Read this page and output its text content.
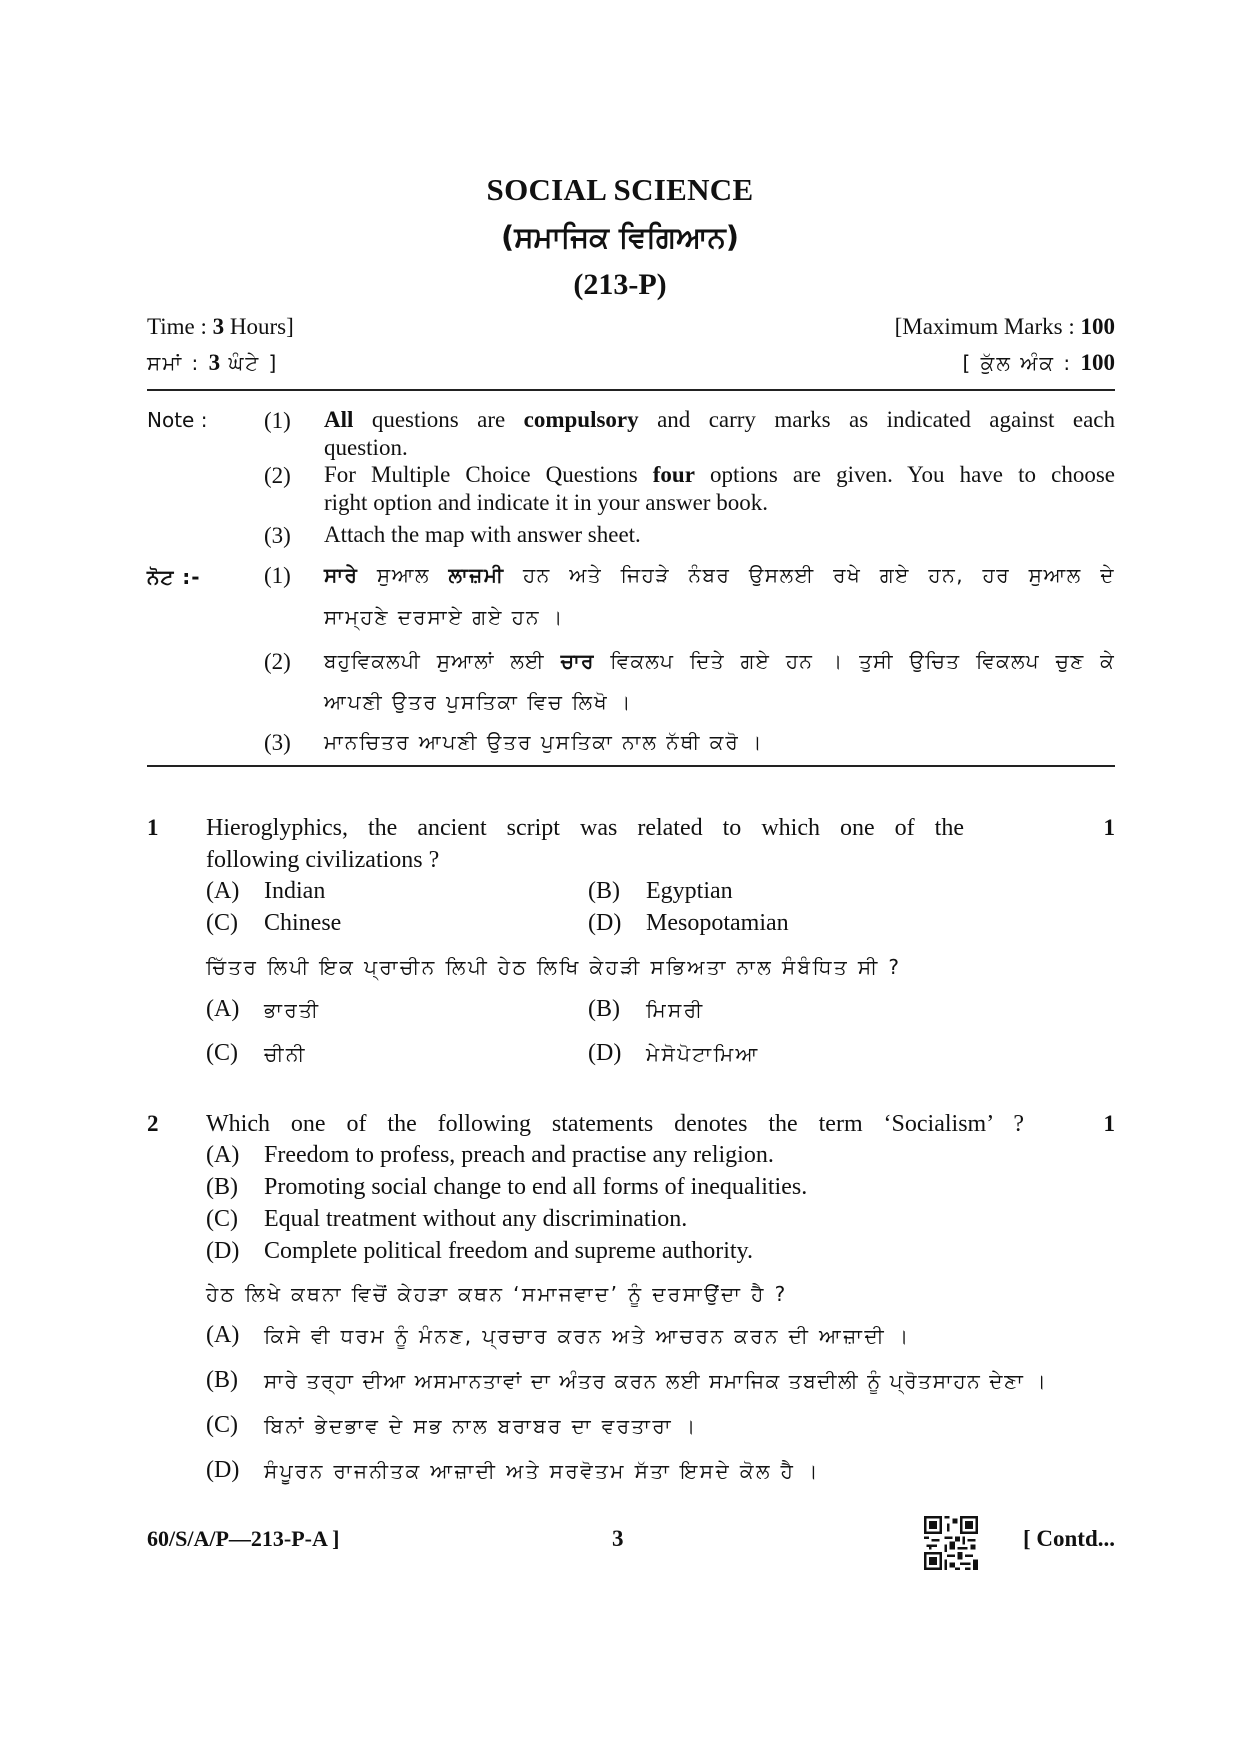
SOCIAL SCIENCE
(ਸਮਾਜਿਕ ਵਿਗਿਆਨ)
(213-P)
Time : 3 Hours]	[Maximum Marks : 100
ਸਮਾਂ : 3 ਘੰਟੇ ]	[ ਕੁੱਲ ਅੰਕ : 100
Note : (1) All questions are compulsory and carry marks as indicated against each
question.
(2) For Multiple Choice Questions four options are given. You have to choose
right option and indicate it in your answer book.
(3) Attach the map with answer sheet.
ਨੋਟ :-	(1) ਸਾਰੇ ਸੁਆਲ ਲਾਜ਼ਮੀ ਹਨ ਅਤੇ ਜਿਹੜੇ ਨੰਬਰ ਉਸਲਈ ਰਖੇ ਗਏ ਹਨ, ਹਰ ਸੁਆਲ ਦੇ
ਸਾਮ੍ਹਣੇ ਦਰਸਾਏ ਗਏ ਹਨ ।
(2) ਬਹੁਵਿਕਲਪੀ ਸੁਆਲਾਂ ਲਈ ਚਾਰ ਵਿਕਲਪ ਦਿਤੇ ਗਏ ਹਨ । ਤੁਸੀ ਉਚਿਤ ਵਿਕਲਪ ਚੁਣ ਕੇ
ਆਪਣੀ ਉਤਰ ਪੁਸਤਿਕਾ ਵਿਚ ਲਿਖੋ ।
(3) ਮਾਨਚਿਤਰ ਆਪਣੀ ਉਤਰ ਪੁਸਤਿਕਾ ਨਾਲ ਨੱਥੀ ਕਰੋ ।
1 Hieroglyphics, the ancient script was related to which one of the	1
following civilizations ?
(A) Indian	(B) Egyptian
(C) Chinese	(D) Mesopotamian
ਚਿੱਤਰ ਲਿਪੀ ਇਕ ਪ੍ਰਾਚੀਨ ਲਿਪੀ ਹੇਠ ਲਿਖਿ ਕੇਹੜੀ ਸਭਿਅਤਾ ਨਾਲ ਸੰਬੰਧਿਤ ਸੀ ?
(A) ਭਾਰਤੀ	(B) ਮਿਸਰੀ
(C) ਚੀਨੀ	(D) ਮੇਸੋਪੋਟਾਮਿਆ
2 Which one of the following statements denotes the term ‘Socialism’ ?	1
(A) Freedom to profess, preach and practise any religion.
(B) Promoting social change to end all forms of inequalities.
(C) Equal treatment without any discrimination.
(D) Complete political freedom and supreme authority.
ਹੇਠ ਲਿਖੇ ਕਥਨਾ ਵਿਚੋਂ ਕੇਹੜਾ ਕਥਨ ‘ਸਮਾਜਵਾਦ’ ਨੂੰ ਦਰਸਾਉਂਦਾ ਹੈ ?
(A) ਕਿਸੇ ਵੀ ਧਰਮ ਨੂੰ ਮੰਨਣ, ਪ੍ਰਚਾਰ ਕਰਨ ਅਤੇ ਆਚਰਨ ਕਰਨ ਦੀ ਆਜ਼ਾਦੀ ।
(B) ਸਾਰੇ ਤਰ੍ਹਾ ਦੀਆ ਅਸਮਾਨਤਾਵਾਂ ਦਾ ਅੰਤਰ ਕਰਨ ਲਈ ਸਮਾਜਿਕ ਤਬਦੀਲੀ ਨੂੰ ਪ੍ਰੋਤਸਾਹਨ ਦੇਣਾ ।
(C) ਬਿਨਾਂ ਭੇਦਭਾਵ ਦੇ ਸਭ ਨਾਲ ਬਰਾਬਰ ਦਾ ਵਰਤਾਰਾ ।
(D) ਸੰਪੂਰਨ ਰਾਜਨੀਤਕ ਆਜ਼ਾਦੀ ਅਤੇ ਸਰਵੋਤਮ ਸੱਤਾ ਇਸਦੇ ਕੋਲ ਹੈ ।
60/S/A/P—213-P-A ]	3	[ Contd...
